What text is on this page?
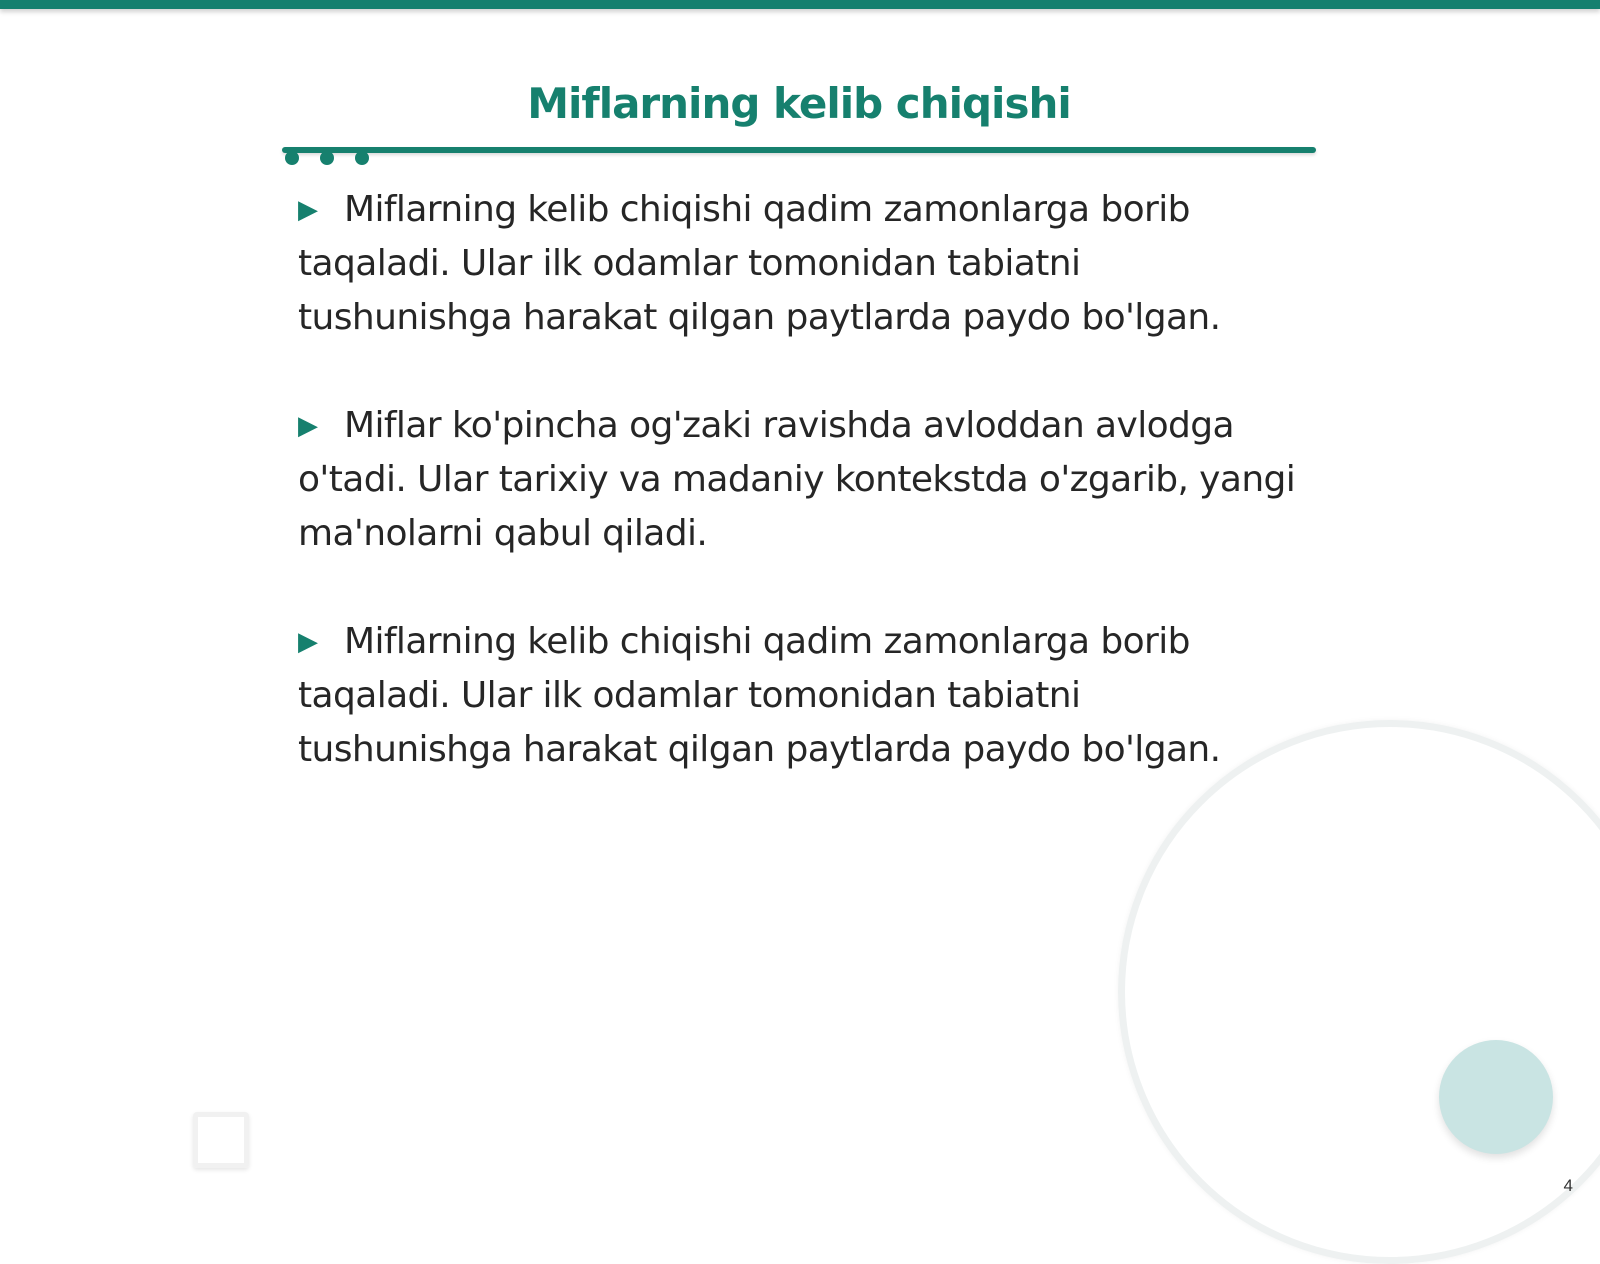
Miflarning kelib chiqishi
▶ Miflarning kelib chiqishi qadim zamonlarga borib taqaladi. Ular ilk odamlar tomonidan tabiatni tushunishga harakat qilgan paytlarda paydo bo'lgan.
▶ Miflar ko'pincha og'zaki ravishda avloddan avlodga o'tadi. Ular tarixiy va madaniy kontekstda o'zgarib, yangi ma'nolarni qabul qiladi.
▶ Miflarning kelib chiqishi qadim zamonlarga borib taqaladi. Ular ilk odamlar tomonidan tabiatni tushunishga harakat qilgan paytlarda paydo bo'lgan.
4
